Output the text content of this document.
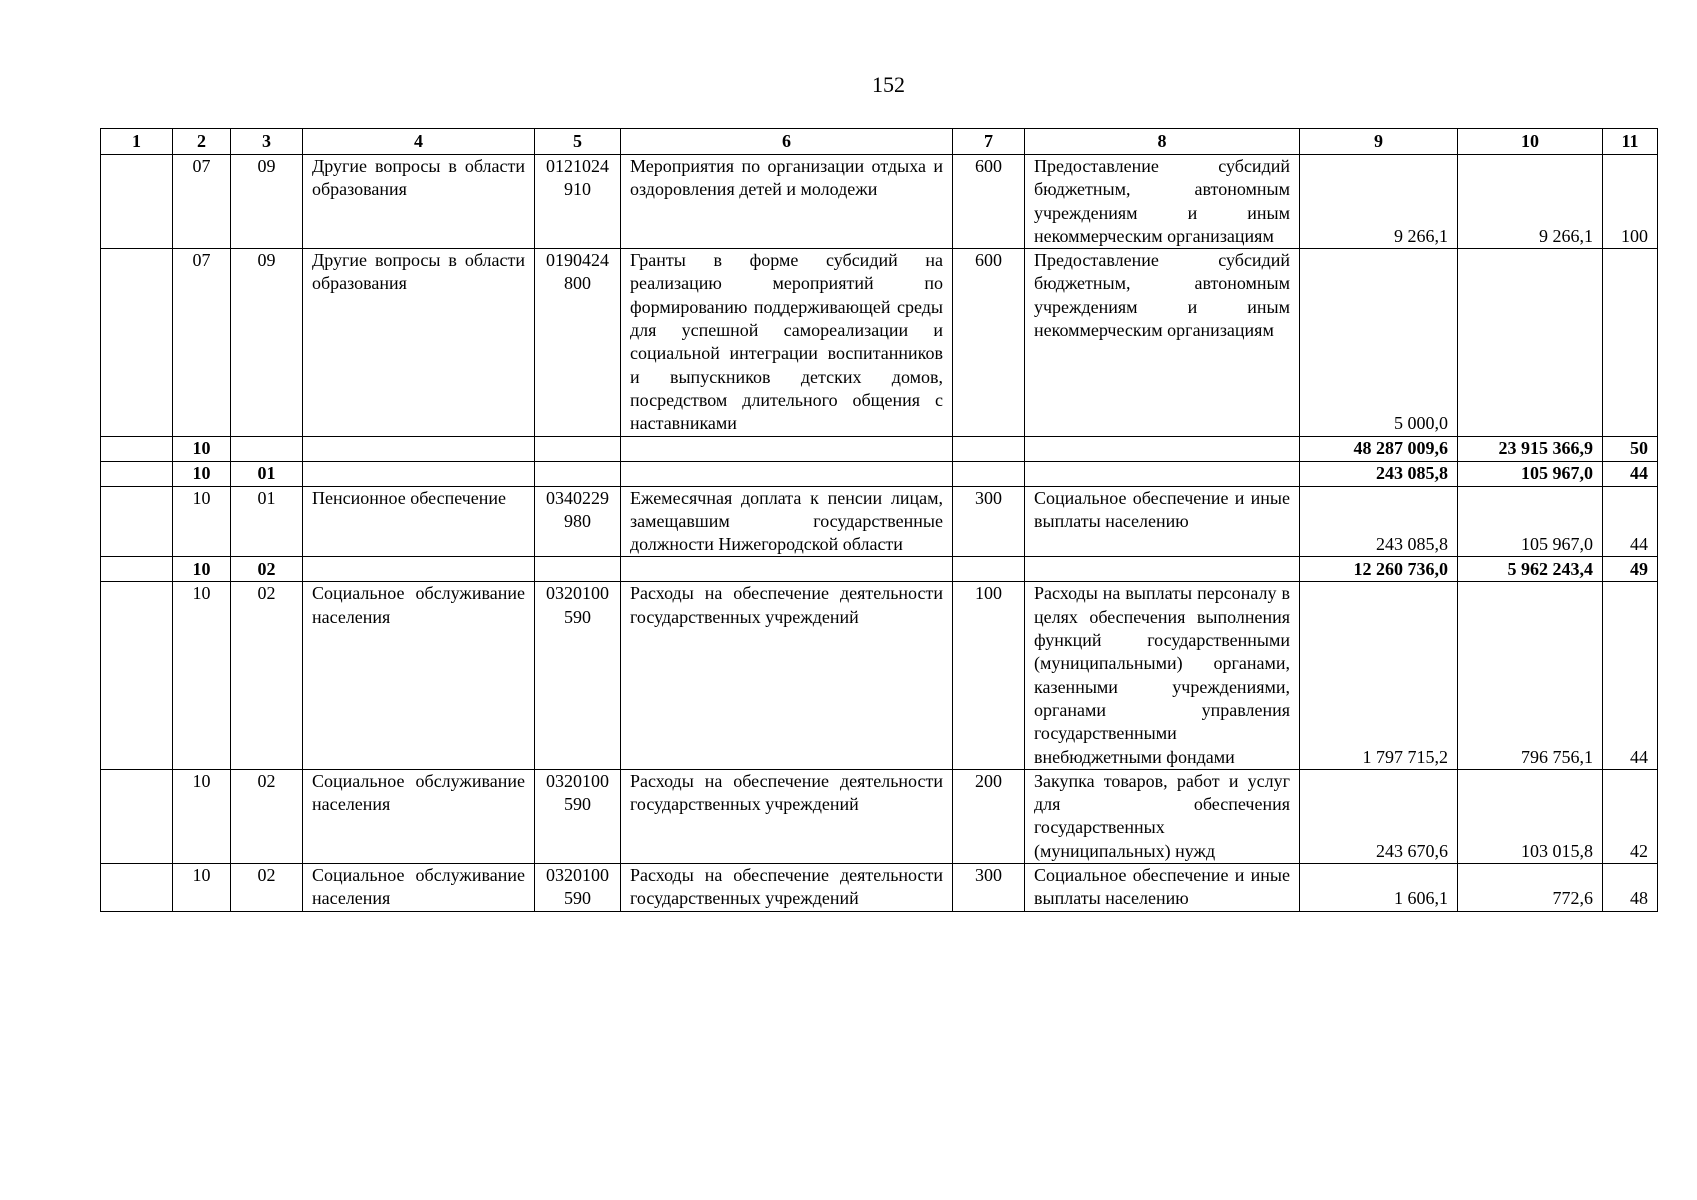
152
1	2	3	4	5	6	7	8	9	10	11
	07	09	Другие вопросы в области образования	0121024910	Мероприятия по организации отдыха и оздоровления детей и молодежи	600	Предоставление субсидий бюджетным, автономным учреждениям и иным некоммерческим организациям	9 266,1	9 266,1	100
	07	09	Другие вопросы в области образования	0190424800	Гранты в форме субсидий на реализацию мероприятий по формированию поддерживающей среды для успешной самореализации и социальной интеграции воспитанников и выпускников детских домов, посредством длительного общения с наставниками	600	Предоставление субсидий бюджетным, автономным учреждениям и иным некоммерческим организациям	5 000,0		
	10							48 287 009,6	23 915 366,9	50
	10	01						243 085,8	105 967,0	44
	10	01	Пенсионное обеспечение	0340229980	Ежемесячная доплата к пенсии лицам, замещавшим государственные должности Нижегородской области	300	Социальное обеспечение и иные выплаты населению	243 085,8	105 967,0	44
	10	02						12 260 736,0	5 962 243,4	49
	10	02	Социальное обслуживание населения	0320100590	Расходы на обеспечение деятельности государственных учреждений	100	Расходы на выплаты персоналу в целях обеспечения выполнения функций государственными (муниципальными) органами, казенными учреждениями, органами управления государственными внебюджетными фондами	1 797 715,2	796 756,1	44
	10	02	Социальное обслуживание населения	0320100590	Расходы на обеспечение деятельности государственных учреждений	200	Закупка товаров, работ и услуг для обеспечения государственных (муниципальных) нужд	243 670,6	103 015,8	42
	10	02	Социальное обслуживание населения	0320100590	Расходы на обеспечение деятельности государственных учреждений	300	Социальное обеспечение и иные выплаты населению	1 606,1	772,6	48
